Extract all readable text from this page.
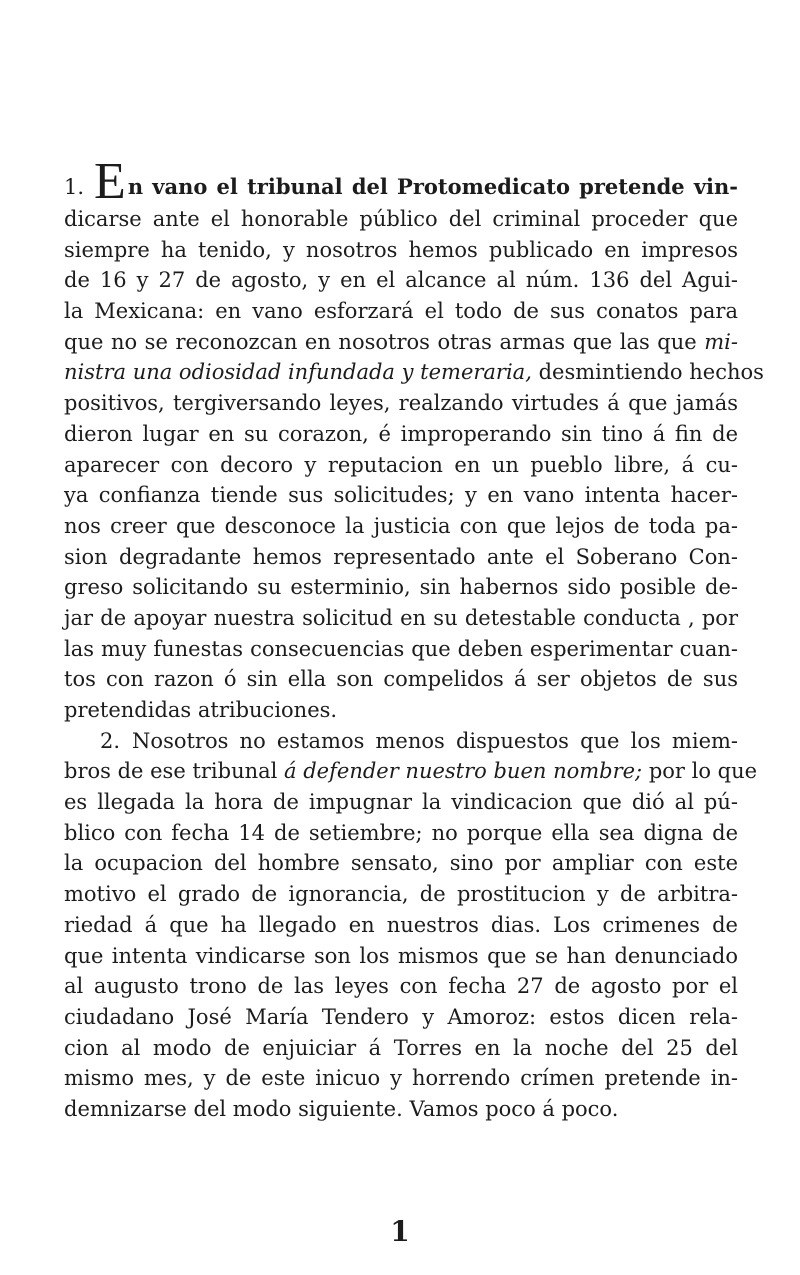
1. En vano el tribunal del Protomedicato pretende vin-
dicarse ante el honorable público del criminal proceder que
siempre ha tenido, y nosotros hemos publicado en impresos
de 16 y 27 de agosto, y en el alcance al núm. 136 del Agui-
la Mexicana: en vano esforzará el todo de sus conatos para
que no se reconozcan en nosotros otras armas que las que mi-
nistra una odiosidad infundada y temeraria, desmintiendo hechos
positivos, tergiversando leyes, realzando virtudes á que jamás
dieron lugar en su corazon, é improperando sin tino á fin de
aparecer con decoro y reputacion en un pueblo libre, á cu-
ya confianza tiende sus solicitudes; y en vano intenta hacer-
nos creer que desconoce la justicia con que lejos de toda pa-
sion degradante hemos representado ante el Soberano Con-
greso solicitando su esterminio, sin habernos sido posible de-
jar de apoyar nuestra solicitud en su detestable conducta , por
las muy funestas consecuencias que deben esperimentar cuan-
tos con razon ó sin ella son compelidos á ser objetos de sus
pretendidas atribuciones.
2. Nosotros no estamos menos dispuestos que los miem-
bros de ese tribunal á defender nuestro buen nombre; por lo que
es llegada la hora de impugnar la vindicacion que dió al pú-
blico con fecha 14 de setiembre; no porque ella sea digna de
la ocupacion del hombre sensato, sino por ampliar con este
motivo el grado de ignorancia, de prostitucion y de arbitra-
riedad á que ha llegado en nuestros dias. Los crimenes de
que intenta vindicarse son los mismos que se han denunciado
al augusto trono de las leyes con fecha 27 de agosto por el
ciudadano José María Tendero y Amoroz: estos dicen rela-
cion al modo de enjuiciar á Torres en la noche del 25 del
mismo mes, y de este inicuo y horrendo crímen pretende in-
demnizarse del modo siguiente. Vamos poco á poco.
1
